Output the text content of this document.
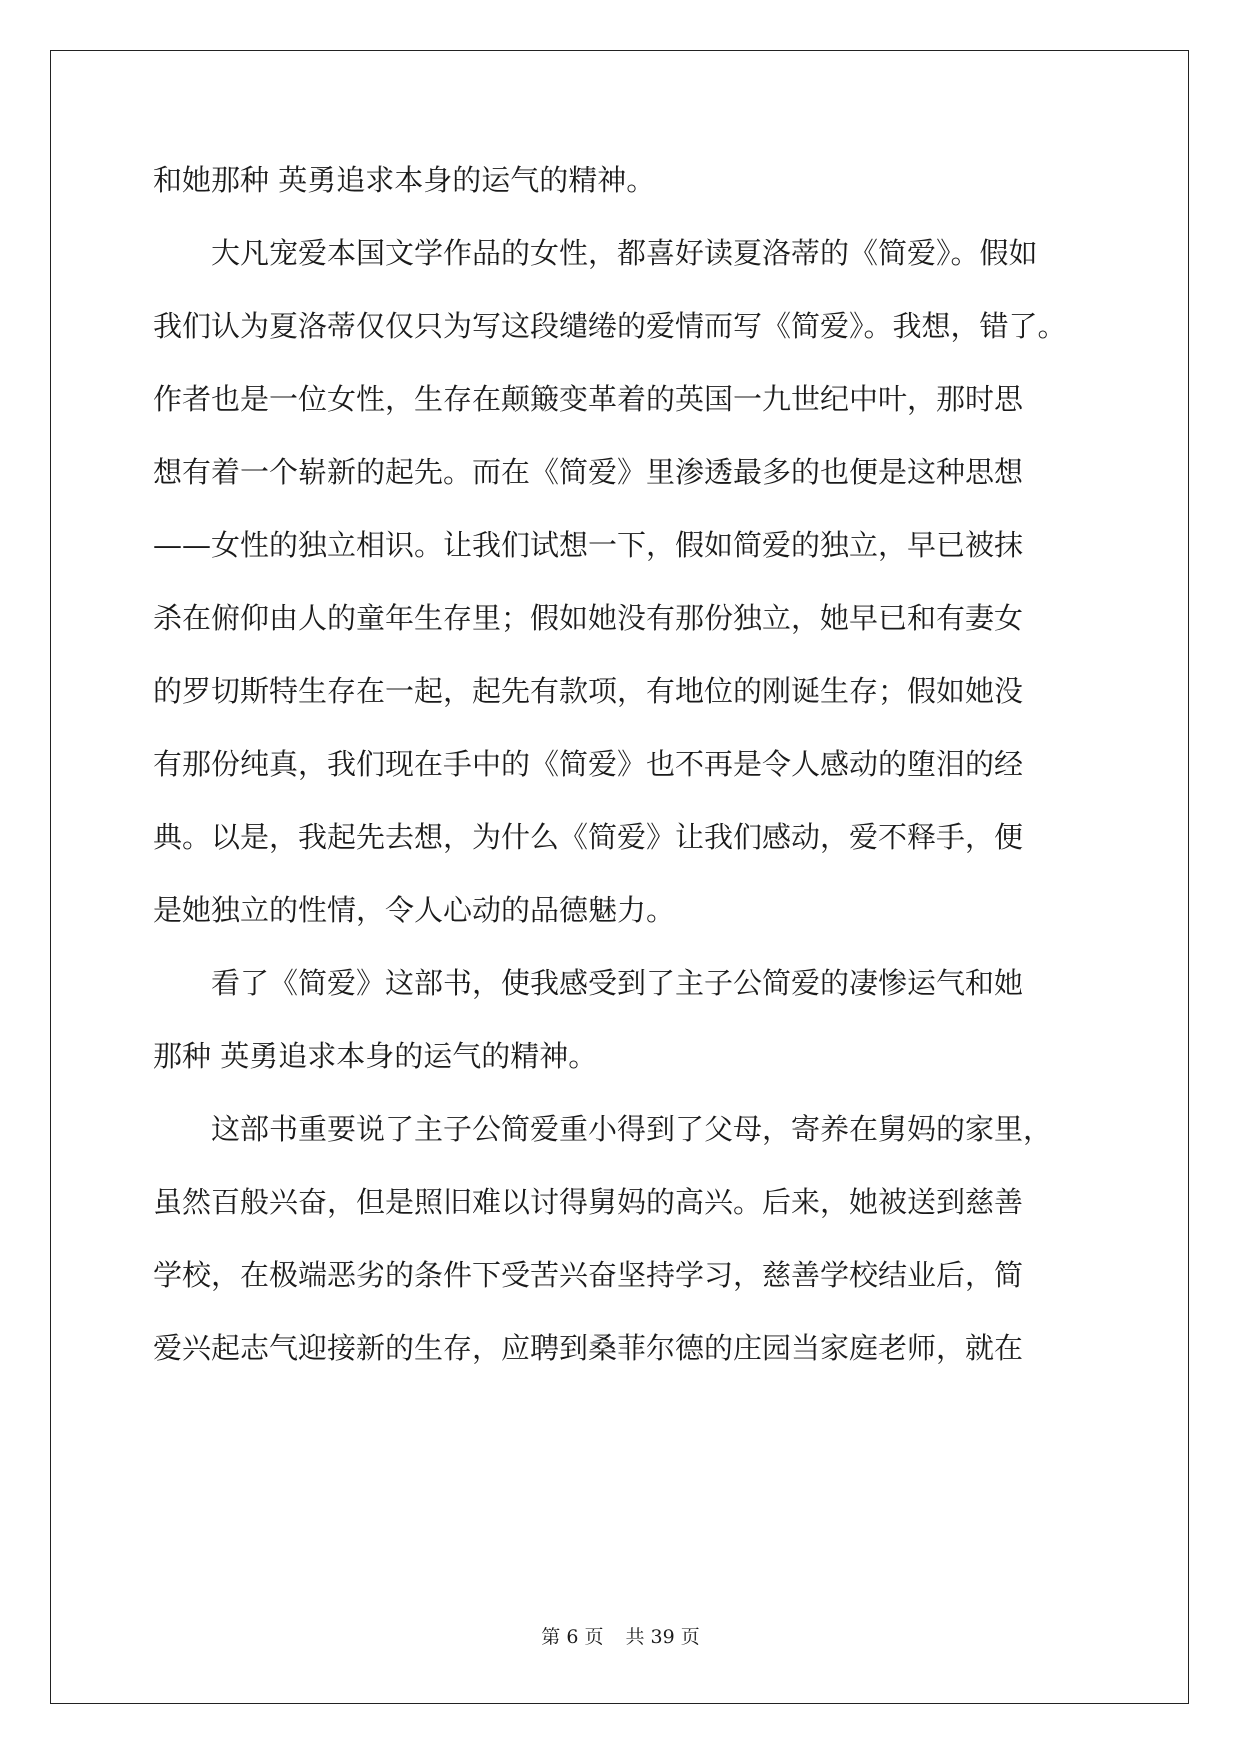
和她那种 英勇追求本身的运气的精神。
　　大凡宠爱本国文学作品的女性，都喜好读夏洛蒂的《简爱》。假如
我们认为夏洛蒂仅仅只为写这段缱绻的爱情而写《简爱》。我想，错了。
作者也是一位女性，生存在颠簸变革着的英国一九世纪中叶，那时思
想有着一个崭新的起先。而在《简爱》里渗透最多的也便是这种思想
——女性的独立相识。让我们试想一下，假如简爱的独立，早已被抹
杀在俯仰由人的童年生存里；假如她没有那份独立，她早已和有妻女
的罗切斯特生存在一起，起先有款项，有地位的刚诞生存；假如她没
有那份纯真，我们现在手中的《简爱》也不再是令人感动的堕泪的经
典。以是，我起先去想，为什么《简爱》让我们感动，爱不释手，便
是她独立的性情，令人心动的品德魅力。
　　看了《简爱》这部书，使我感受到了主子公简爱的凄惨运气和她
那种 英勇追求本身的运气的精神。
　　这部书重要说了主子公简爱重小得到了父母，寄养在舅妈的家里，
虽然百般兴奋，但是照旧难以讨得舅妈的高兴。后来，她被送到慈善
学校，在极端恶劣的条件下受苦兴奋坚持学习，慈善学校结业后，简
爱兴起志气迎接新的生存，应聘到桑菲尔德的庄园当家庭老师，就在
第 6 页 共 39 页
